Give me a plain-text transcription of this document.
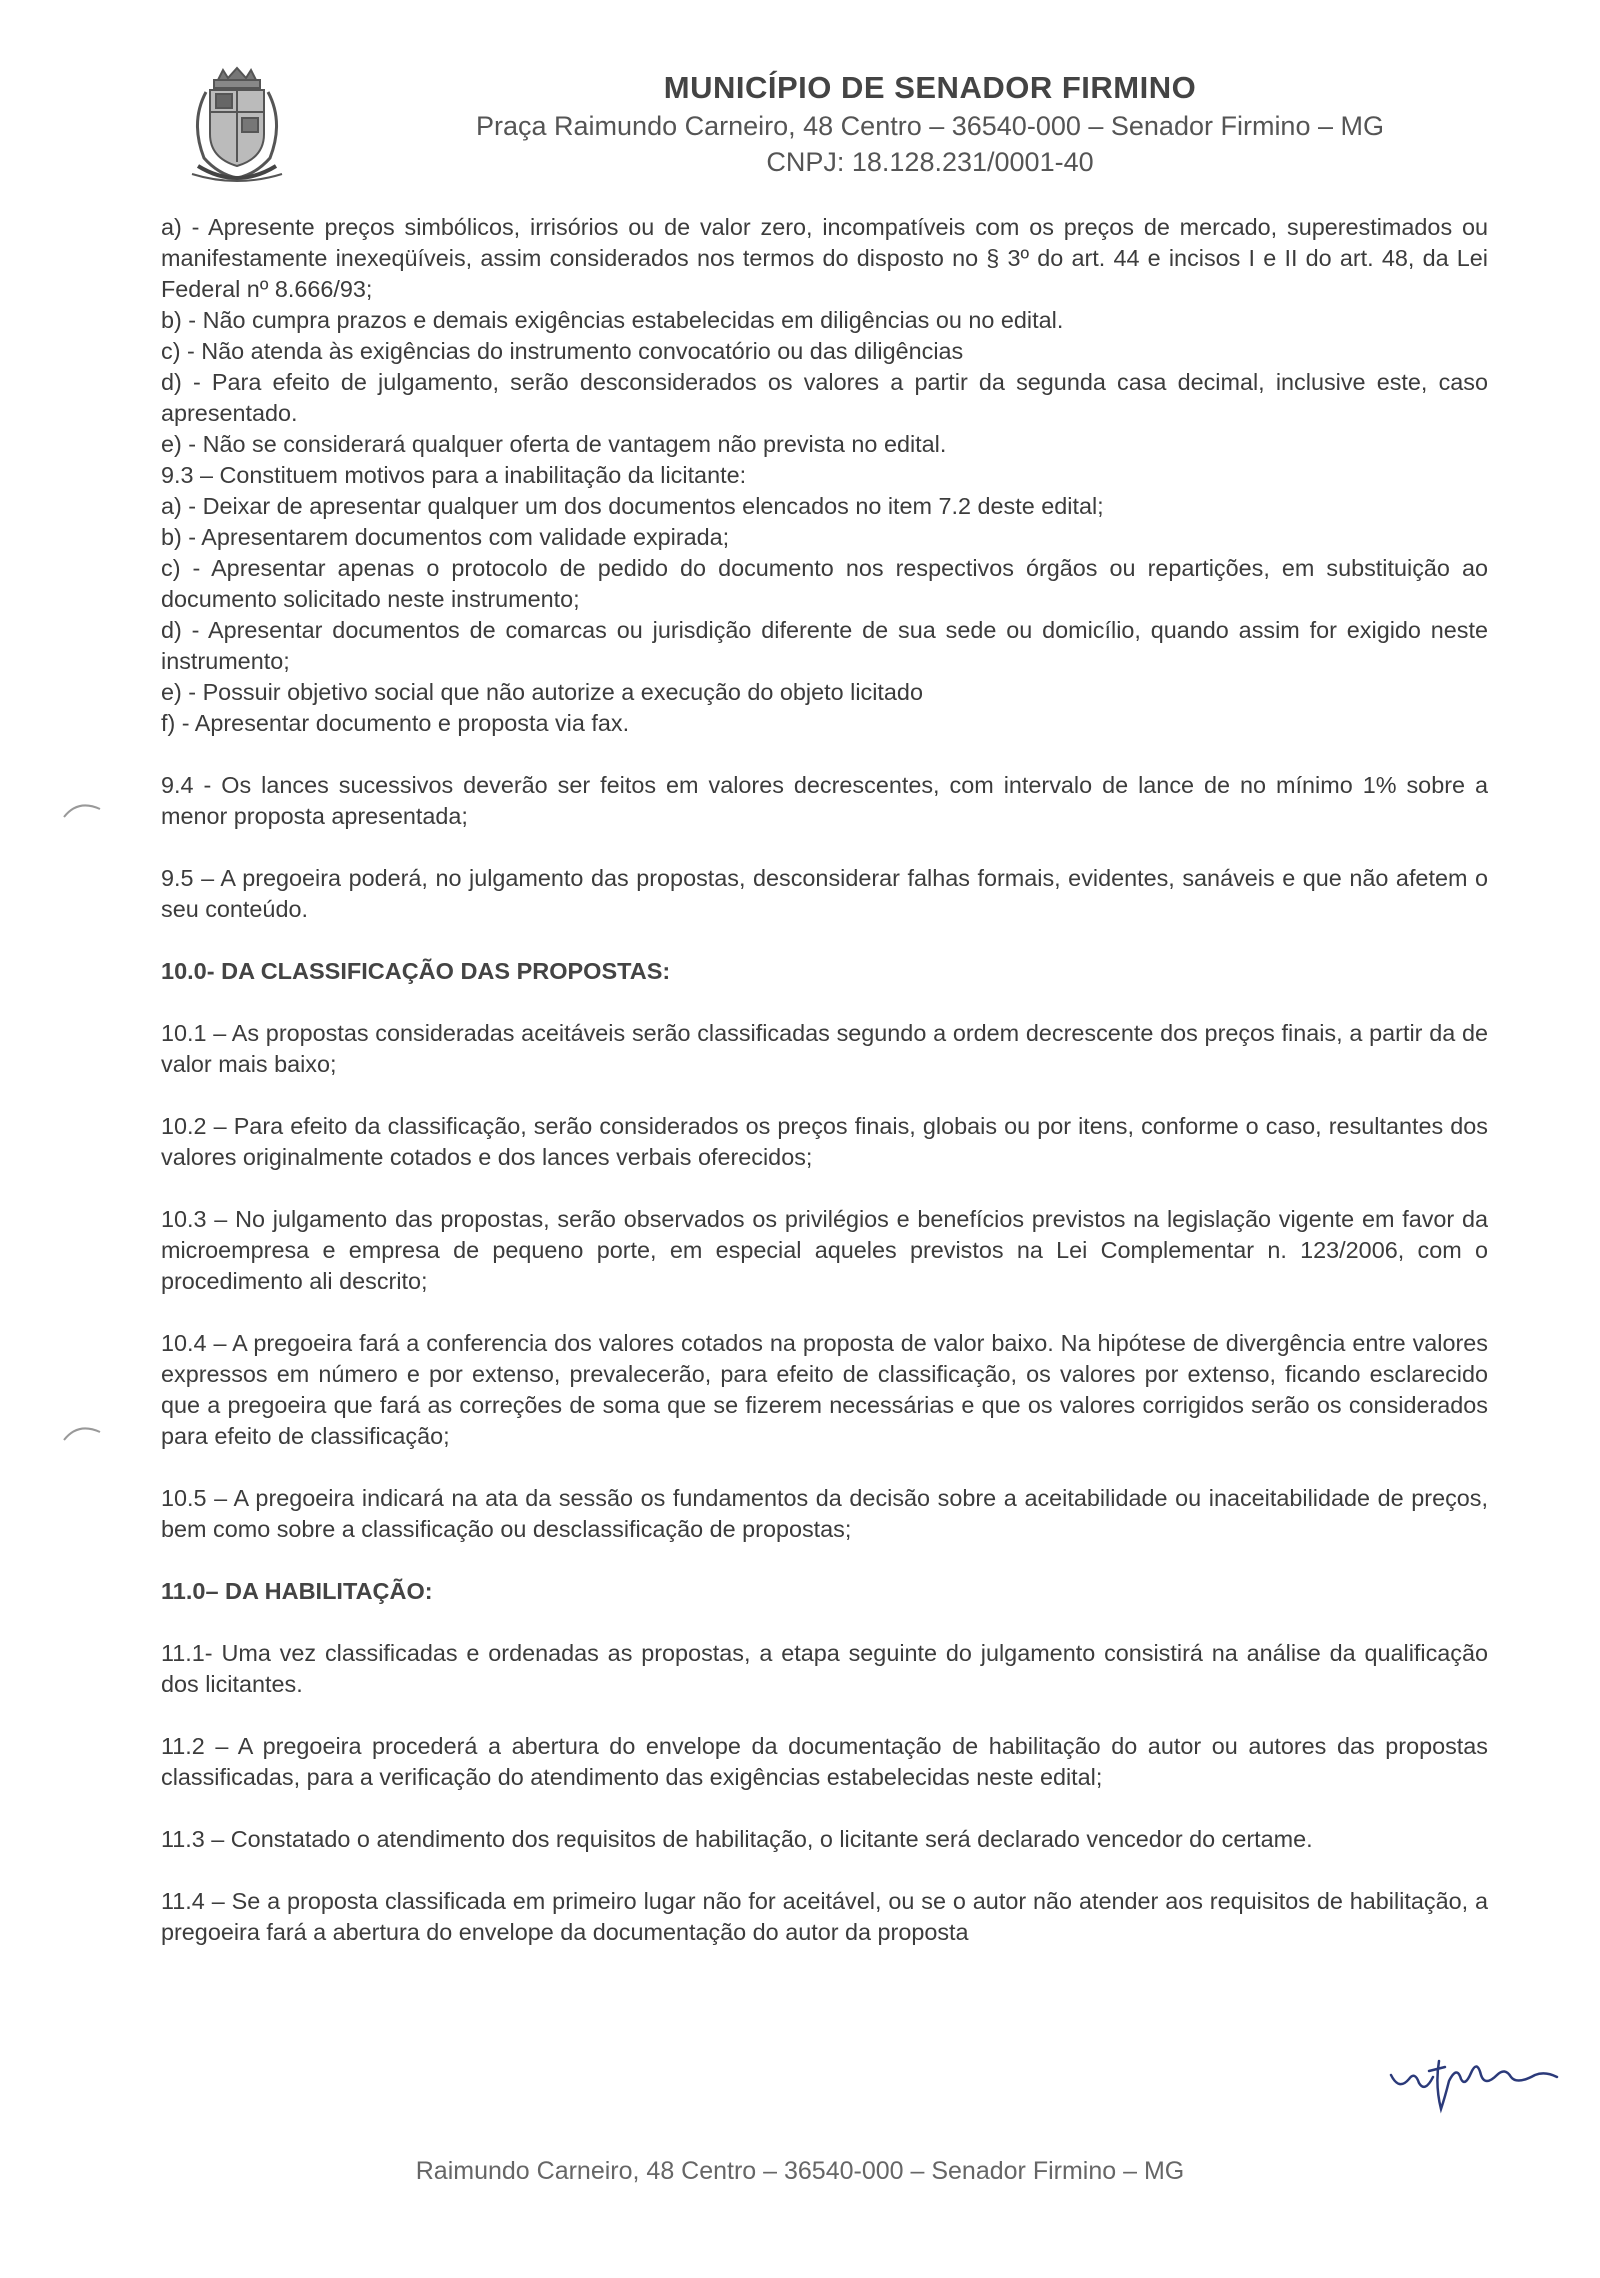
MUNICÍPIO DE SENADOR FIRMINO
Praça Raimundo Carneiro, 48 Centro – 36540-000 – Senador Firmino – MG
CNPJ: 18.128.231/0001-40

a) - Apresente preços simbólicos, irrisórios ou de valor zero, incompatíveis com os preços de mercado, superestimados ou manifestamente inexeqüíveis, assim considerados nos termos do disposto no § 3º do art. 44 e incisos I e II do art. 48, da Lei Federal nº 8.666/93;

b) - Não cumpra prazos e demais exigências estabelecidas em diligências ou no edital.

c) - Não atenda às exigências do instrumento convocatório ou das diligências

d) - Para efeito de julgamento, serão desconsiderados os valores a partir da segunda casa decimal, inclusive este, caso apresentado.

e) - Não se considerará qualquer oferta de vantagem não prevista no edital.

9.3 – Constituem motivos para a inabilitação da licitante:

a) - Deixar de apresentar qualquer um dos documentos elencados no item 7.2 deste edital;

b) - Apresentarem documentos com validade expirada;

c) - Apresentar apenas o protocolo de pedido do documento nos respectivos órgãos ou repartições, em substituição ao documento solicitado neste instrumento;

d) - Apresentar documentos de comarcas ou jurisdição diferente de sua sede ou domicílio, quando assim for exigido neste instrumento;

e) - Possuir objetivo social que não autorize a execução do objeto licitado

f) - Apresentar documento e proposta via fax.

9.4 - Os lances sucessivos deverão ser feitos em valores decrescentes, com intervalo de lance de no mínimo 1% sobre a menor proposta apresentada;

9.5 – A pregoeira poderá, no julgamento das propostas, desconsiderar falhas formais, evidentes, sanáveis e que não afetem o seu conteúdo.

10.0- DA CLASSIFICAÇÃO DAS PROPOSTAS:

10.1 – As propostas consideradas aceitáveis serão classificadas segundo a ordem decrescente dos preços finais, a partir da de valor mais baixo;

10.2 – Para efeito da classificação, serão considerados os preços finais, globais ou por itens, conforme o caso, resultantes dos valores originalmente cotados e dos lances verbais oferecidos;

10.3 – No julgamento das propostas, serão observados os privilégios e benefícios previstos na legislação vigente em favor da microempresa e empresa de pequeno porte, em especial aqueles previstos na Lei Complementar n. 123/2006, com o procedimento ali descrito;

10.4 – A pregoeira fará a conferencia dos valores cotados na proposta de valor baixo. Na hipótese de divergência entre valores expressos em número e por extenso, prevalecerão, para efeito de classificação, os valores por extenso, ficando esclarecido que a pregoeira que fará as correções de soma que se fizerem necessárias e que os valores corrigidos serão os considerados para efeito de classificação;

10.5 – A pregoeira indicará na ata da sessão os fundamentos da decisão sobre a aceitabilidade ou inaceitabilidade de preços, bem como sobre a classificação ou desclassificação de propostas;

11.0– DA HABILITAÇÃO:

11.1- Uma vez classificadas e ordenadas as propostas, a etapa seguinte do julgamento consistirá na análise da qualificação dos licitantes.

11.2 – A pregoeira procederá a abertura do envelope da documentação de habilitação do autor ou autores das propostas classificadas, para a verificação do atendimento das exigências estabelecidas neste edital;

11.3 – Constatado o atendimento dos requisitos de habilitação, o licitante será declarado vencedor do certame.

11.4 – Se a proposta classificada em primeiro lugar não for aceitável, ou se o autor não atender aos requisitos de habilitação, a pregoeira fará a abertura do envelope da documentação do autor da proposta

Raimundo Carneiro, 48 Centro – 36540-000 – Senador Firmino – MG
